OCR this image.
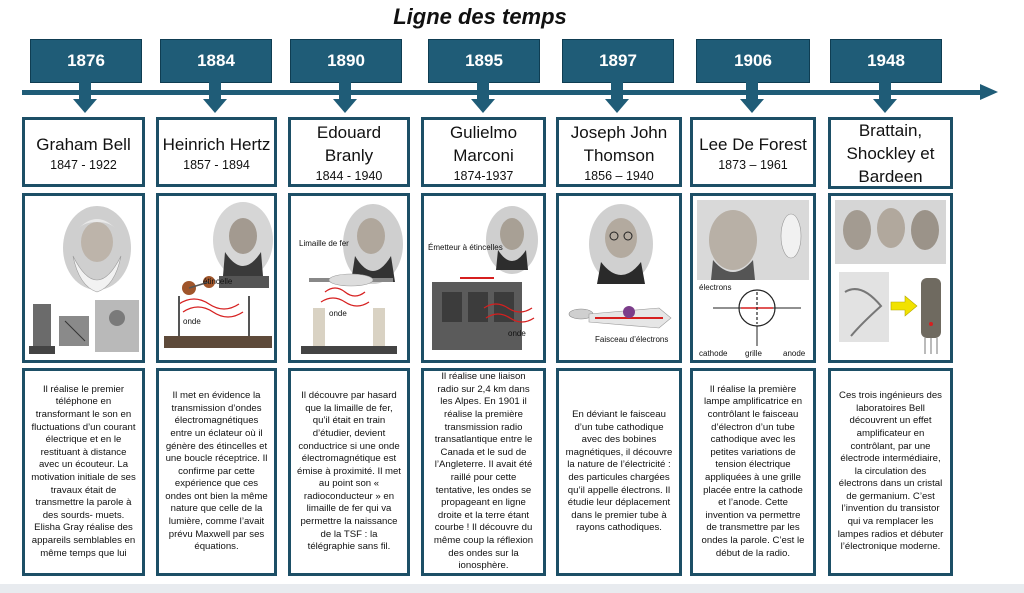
Ligne des temps
1876
Graham Bell
1847 - 1922
Il réalise le premier téléphone en transformant le son en fluctuations d’un courant électrique et en le restituant à distance avec un écouteur. La motivation initiale de ses travaux était de transmettre la parole à des sourds- muets. Elisha Gray réalise des appareils semblables en même temps que lui
1884
Heinrich Hertz
1857 - 1894
étincelle
onde
Il met en évidence la transmission d’ondes électromagnétiques entre un éclateur où il génère des étincelles et une boucle réceptrice. Il confirme par cette expérience que ces ondes ont bien la même nature que celle de la lumière, comme l’avait prévu Maxwell par ses équations.
1890
Edouard Branly
1844 - 1940
Limaille de fer
onde
Il découvre par hasard que la limaille de fer, qu’il était en train d’étudier, devient conductrice si une onde électromagnétique est émise à proximité. Il met au point son « radioconducteur » en limaille de fer qui va permettre la naissance de la TSF : la télégraphie sans fil.
1895
Gulielmo Marconi
1874-1937
Émetteur à étincelles
onde
Il réalise une liaison radio sur 2,4 km dans les Alpes. En 1901 il réalise la première transmission radio transatlantique entre le Canada et le sud de l’Angleterre. Il avait été raillé pour cette tentative, les ondes se propageant en ligne droite et la terre étant courbe ! Il découvre du même coup la réflexion des ondes sur la ionosphère.
1897
Joseph John Thomson
1856 – 1940
Faisceau d’électrons
En déviant le faisceau d’un tube cathodique avec des bobines magnétiques, il découvre la nature de l’électricité : des particules chargées qu’il appelle électrons. Il étudie leur déplacement dans le premier tube à rayons cathodiques.
1906
Lee De Forest
1873 – 1961
électrons
cathode grille	anode
Il réalise la première lampe amplificatrice en contrôlant le faisceau d’électron d’un tube cathodique avec les petites variations de tension électrique appliquées à une grille placée entre la cathode et l’anode. Cette invention va permettre de transmettre par les ondes la parole. C’est le début de la radio.
1948
Brattain, Shockley et Bardeen
Ces trois ingénieurs des laboratoires Bell découvrent un effet amplificateur en contrôlant, par une électrode intermédiaire, la circulation des électrons dans un cristal de germanium. C’est l’invention du transistor qui va remplacer les lampes radios et débuter l’électronique moderne.
